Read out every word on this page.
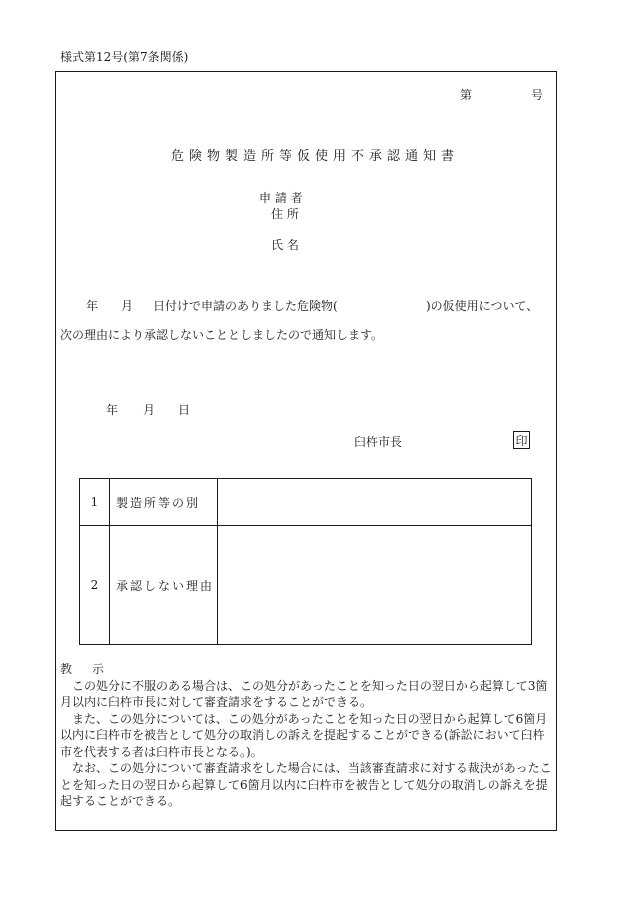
様式第12号(第7条関係)
第	号
危険物製造所等仮使用不承認通知書
申 請 者
住 所
氏 名
年 月 日付けで申請のありました危険物(	)の仮使用について、
次の理由により承認しないこととしましたので通知します。
年 月 日
臼杵市長	印
1	製造所等の別	
2	承認しない理由	
教 示

この処分に不服のある場合は、この処分があったことを知った日の翌日から起算して3箇月以内に臼杵市長に対して審査請求をすることができる。

また、この処分については、この処分があったことを知った日の翌日から起算して6箇月以内に臼杵市を被告として処分の取消しの訴えを提起することができる(訴訟において臼杵市を代表する者は臼杵市長となる。)。

なお、この処分について審査請求をした場合には、当該審査請求に対する裁決があったことを知った日の翌日から起算して6箇月以内に臼杵市を被告として処分の取消しの訴えを提起することができる。
